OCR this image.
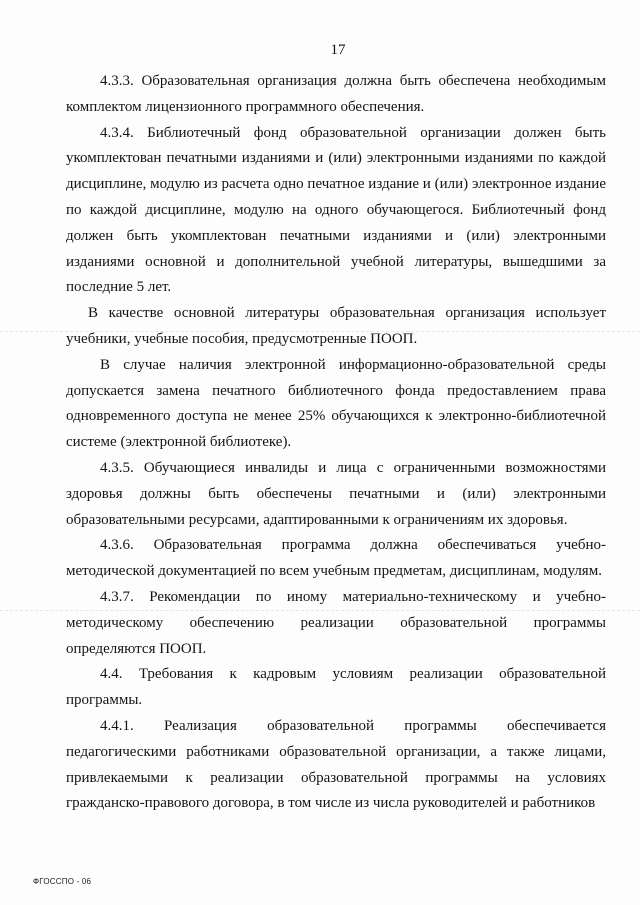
17

4.3.3. Образовательная организация должна быть обеспечена необходимым комплектом лицензионного программного обеспечения.

4.3.4. Библиотечный фонд образовательной организации должен быть укомплектован печатными изданиями и (или) электронными изданиями по каждой дисциплине, модулю из расчета одно печатное издание и (или) электронное издание по каждой дисциплине, модулю на одного обучающегося. Библиотечный фонд должен быть укомплектован печатными изданиями и (или) электронными изданиями основной и дополнительной учебной литературы, вышедшими за последние 5 лет.

В качестве основной литературы образовательная организация использует учебники, учебные пособия, предусмотренные ПООП.

В случае наличия электронной информационно-образовательной среды допускается замена печатного библиотечного фонда предоставлением права одновременного доступа не менее 25% обучающихся к электронно-библиотечной системе (электронной библиотеке).

4.3.5. Обучающиеся инвалиды и лица с ограниченными возможностями здоровья должны быть обеспечены печатными и (или) электронными образовательными ресурсами, адаптированными к ограничениям их здоровья.

4.3.6. Образовательная программа должна обеспечиваться учебно-методической документацией по всем учебным предметам, дисциплинам, модулям.

4.3.7. Рекомендации по иному материально-техническому и учебно-методическому обеспечению реализации образовательной программы определяются ПООП.

4.4. Требования к кадровым условиям реализации образовательной программы.

4.4.1. Реализация образовательной программы обеспечивается педагогическими работниками образовательной организации, а также лицами, привлекаемыми к реализации образовательной программы на условиях гражданско-правового договора, в том числе из числа руководителей и работников

ФГОССПО - 06
